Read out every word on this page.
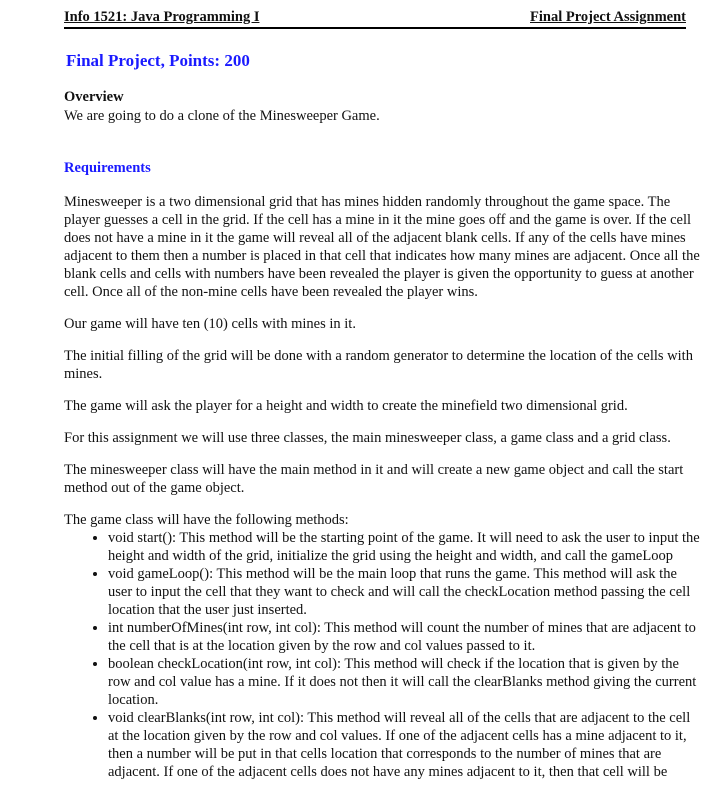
Info 1521: Java Programming I	Final Project Assignment
Final Project, Points: 200
Overview

We are going to do a clone of the Minesweeper Game.

Requirements

Minesweeper is a two dimensional grid that has mines hidden randomly throughout the game space. The player guesses a cell in the grid. If the cell has a mine in it the mine goes off and the game is over. If the cell does not have a mine in it the game will reveal all of the adjacent blank cells. If any of the cells have mines adjacent to them then a number is placed in that cell that indicates how many mines are adjacent. Once all the blank cells and cells with numbers have been revealed the player is given the opportunity to guess at another cell. Once all of the non-mine cells have been revealed the player wins.

Our game will have ten (10) cells with mines in it.

The initial filling of the grid will be done with a random generator to determine the location of the cells with mines.

The game will ask the player for a height and width to create the minefield two dimensional grid.

For this assignment we will use three classes, the main minesweeper class, a game class and a grid class.

The minesweeper class will have the main method in it and will create a new game object and call the start method out of the game object.

The game class will have the following methods:

• void start(): This method will be the starting point of the game. It will need to ask the user to input the height and width of the grid, initialize the grid using the height and width, and call the gameLoop
• void gameLoop(): This method will be the main loop that runs the game. This method will ask the user to input the cell that they want to check and will call the checkLocation method passing the cell location that the user just inserted.
• int numberOfMines(int row, int col): This method will count the number of mines that are adjacent to the cell that is at the location given by the row and col values passed to it.
• boolean checkLocation(int row, int col): This method will check if the location that is given by the row and col value has a mine. If it does not then it will call the clearBlanks method giving the current location.
• void clearBlanks(int row, int col): This method will reveal all of the cells that are adjacent to the cell at the location given by the row and col values. If one of the adjacent cells has a mine adjacent to it, then a number will be put in that cells location that corresponds to the number of mines that are adjacent. If one of the adjacent cells does not have any mines adjacent to it, then that cell will be
